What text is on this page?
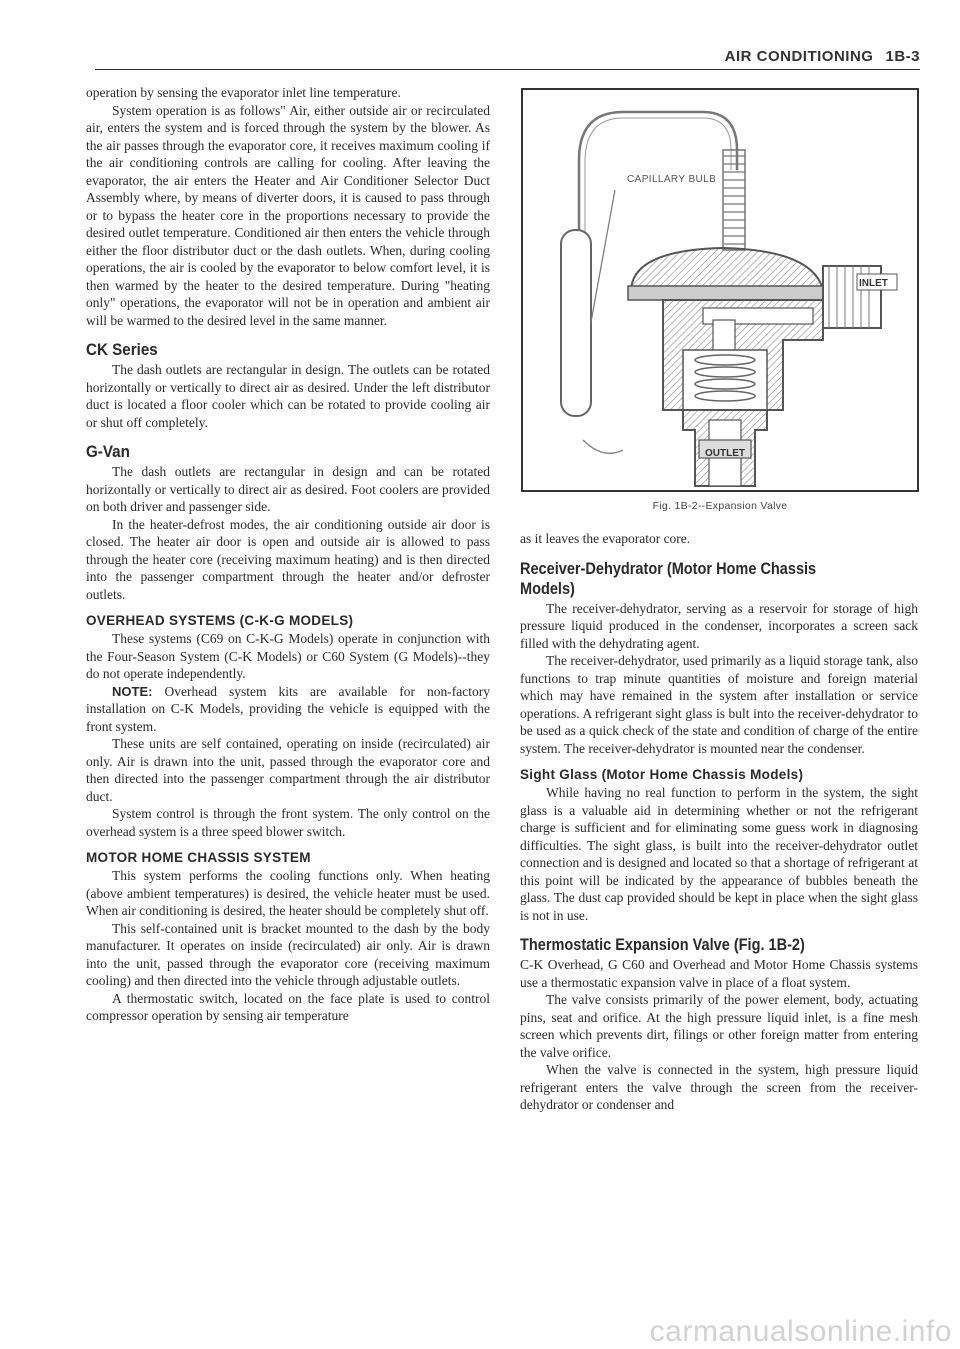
AIR CONDITIONING 1B-3

operation by sensing the evaporator inlet line temperature.

System operation is as follows" Air, either outside air or recirculated air, enters the system and is forced through the system by the blower. As the air passes through the evaporator core, it receives maximum cooling if the air conditioning controls are calling for cooling. After leaving the evaporator, the air enters the Heater and Air Conditioner Selector Duct Assembly where, by means of diverter doors, it is caused to pass through or to bypass the heater core in the proportions necessary to provide the desired outlet temperature. Conditioned air then enters the vehicle through either the floor distributor duct or the dash outlets. When, during cooling operations, the air is cooled by the evaporator to below comfort level, it is then warmed by the heater to the desired temperature. During "heating only" operations, the evaporator will not be in operation and ambient air will be warmed to the desired level in the same manner.

CK Series

The dash outlets are rectangular in design. The outlets can be rotated horizontally or vertically to direct air as desired. Under the left distributor duct is located a floor cooler which can be rotated to provide cooling air or shut off completely.

G-Van

The dash outlets are rectangular in design and can be rotated horizontally or vertically to direct air as desired. Foot coolers are provided on both driver and passenger side.

In the heater-defrost modes, the air conditioning outside air door is closed. The heater air door is open and outside air is allowed to pass through the heater core (receiving maximum heating) and is then directed into the passenger compartment through the heater and/or defroster outlets.

OVERHEAD SYSTEMS (C-K-G MODELS)

These systems (C69 on C-K-G Models) operate in conjunction with the Four-Season System (C-K Models) or C60 System (G Models)--they do not operate independently.

NOTE: Overhead system kits are available for non-factory installation on C-K Models, providing the vehicle is equipped with the front system.

These units are self contained, operating on inside (recirculated) air only. Air is drawn into the unit, passed through the evaporator core and then directed into the passenger compartment through the air distributor duct.

System control is through the front system. The only control on the overhead system is a three speed blower switch.

MOTOR HOME CHASSIS SYSTEM

This system performs the cooling functions only. When heating (above ambient temperatures) is desired, the vehicle heater must be used. When air conditioning is desired, the heater should be completely shut off.

This self-contained unit is bracket mounted to the dash by the body manufacturer. It operates on inside (recirculated) air only. Air is drawn into the unit, passed through the evaporator core (receiving maximum cooling) and then directed into the vehicle through adjustable outlets.

A thermostatic switch, located on the face plate is used to control compressor operation by sensing air temperature

CAPILLARY BULB
INLET
OUTLET
Fig. 1B-2--Expansion Valve

as it leaves the evaporator core.

Receiver-Dehydrator (Motor Home Chassis
Models)

The receiver-dehydrator, serving as a reservoir for storage of high pressure liquid produced in the condenser, incorporates a screen sack filled with the dehydrating agent.

The receiver-dehydrator, used primarily as a liquid storage tank, also functions to trap minute quantities of moisture and foreign material which may have remained in the system after installation or service operations. A refrigerant sight glass is bult into the receiver-dehydrator to be used as a quick check of the state and condition of charge of the entire system. The receiver-dehydrator is mounted near the condenser.

Sight Glass (Motor Home Chassis Models)

While having no real function to perform in the system, the sight glass is a valuable aid in determining whether or not the refrigerant charge is sufficient and for eliminating some guess work in diagnosing difficulties. The sight glass, is built into the receiver-dehydrator outlet connection and is designed and located so that a shortage of refrigerant at this point will be indicated by the appearance of bubbles beneath the glass. The dust cap provided should be kept in place when the sight glass is not in use.

Thermostatic Expansion Valve (Fig. 1B-2)

C-K Overhead, G C60 and Overhead and Motor Home Chassis systems use a thermostatic expansion valve in place of a float system.

The valve consists primarily of the power element, body, actuating pins, seat and orifice. At the high pressure liquid inlet, is a fine mesh screen which prevents dirt, filings or other foreign matter from entering the valve orifice.

When the valve is connected in the system, high pressure liquid refrigerant enters the valve through the screen from the receiver-dehydrator or condenser and

carmanualsonline.info
